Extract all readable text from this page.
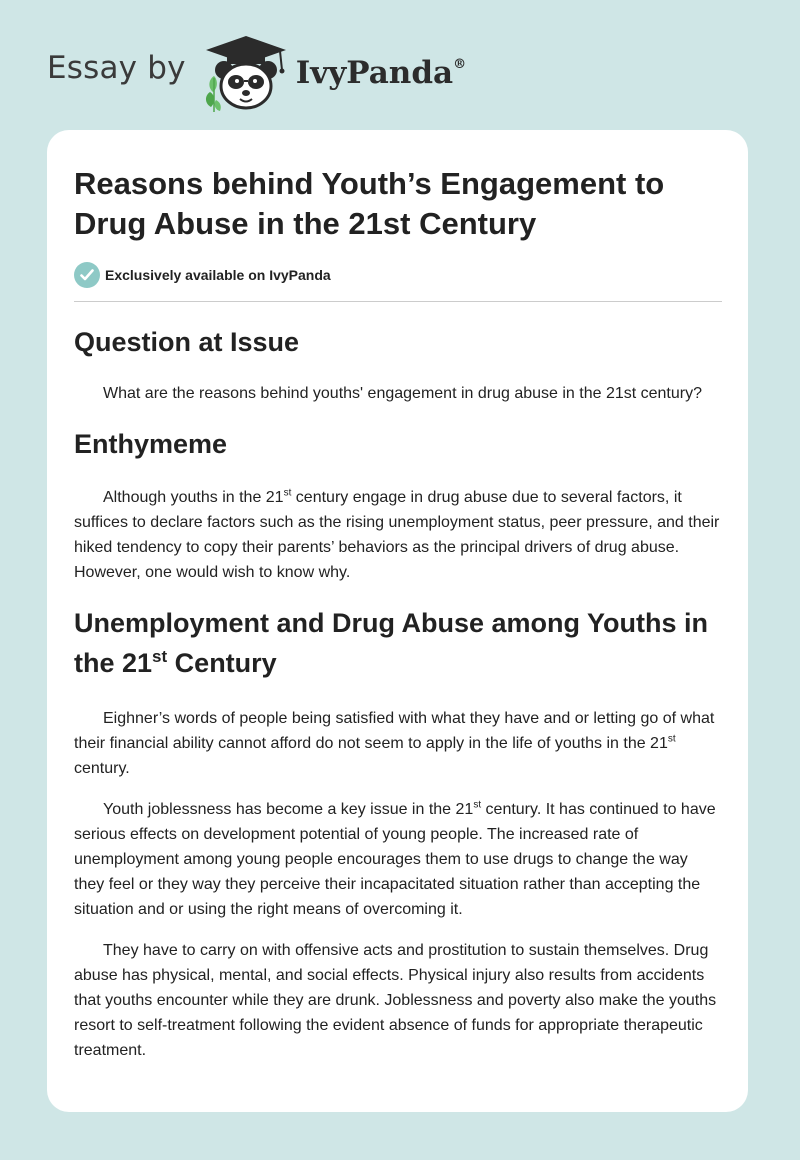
Essay by	IvyPanda®
Reasons behind Youth’s Engagement to Drug Abuse in the 21st Century
Exclusively available on IvyPanda
Question at Issue

What are the reasons behind youths' engagement in drug abuse in the 21st century?

Enthymeme

Although youths in the 21st century engage in drug abuse due to several factors, it suffices to declare factors such as the rising unemployment status, peer pressure, and their hiked tendency to copy their parents’ behaviors as the principal drivers of drug abuse. However, one would wish to know why.

Unemployment and Drug Abuse among Youths in the 21st Century

Eighner’s words of people being satisfied with what they have and or letting go of what their financial ability cannot afford do not seem to apply in the life of youths in the 21st century.

Youth joblessness has become a key issue in the 21st century. It has continued to have serious effects on development potential of young people. The increased rate of unemployment among young people encourages them to use drugs to change the way they feel or they way they perceive their incapacitated situation rather than accepting the situation and or using the right means of overcoming it.

They have to carry on with offensive acts and prostitution to sustain themselves. Drug abuse has physical, mental, and social effects. Physical injury also results from accidents that youths encounter while they are drunk. Joblessness and poverty also make the youths resort to self-treatment following the evident absence of funds for appropriate therapeutic treatment.
